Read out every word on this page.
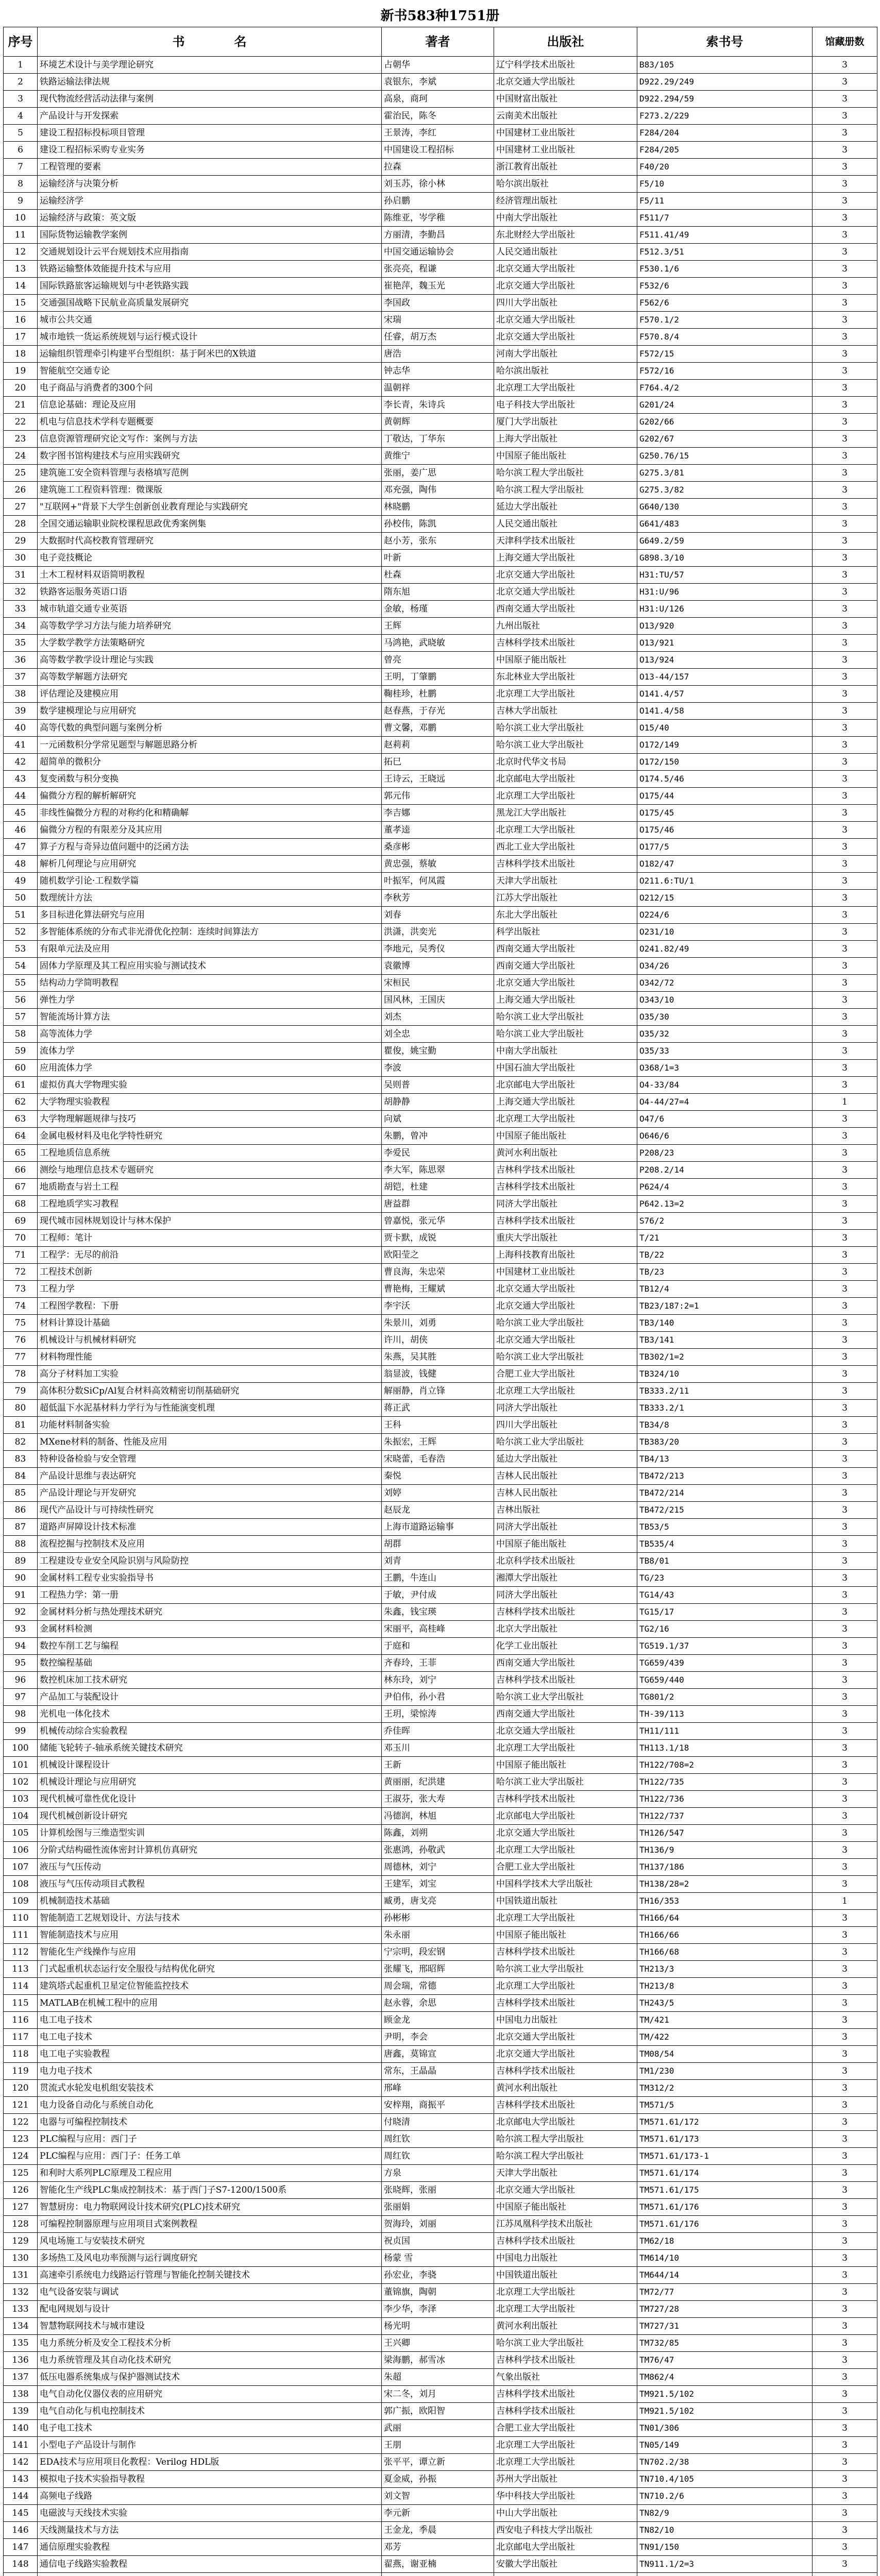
新书583种1751册
序号	书　　　　名	著者	出版社	索书号	馆藏册数
1	环境艺术设计与美学理论研究	占朝华	辽宁科学技术出版社	B83/105	3
2	铁路运输法律法规	袁银东，李斌	北京交通大学出版社	D922.29/249	3
3	现代物流经营活动法律与案例	高泉，商珂	中国财富出版社	D922.294/59	3
4	产品设计与开发探索	霍治民，陈冬	云南美术出版社	F273.2/229	3
5	建设工程招标投标项目管理	王景涛，李红	中国建材工业出版社	F284/204	3
6	建设工程招标采购专业实务	中国建设工程招标	中国建材工业出版社	F284/205	3
7	工程管理的要素	拉森	浙江教育出版社	F40/20	3
8	运输经济与决策分析	刘玉苏，徐小林	哈尔滨出版社	F5/10	3
9	运输经济学	孙启鹏	经济管理出版社	F5/11	3
10	运输经济与政策：英文版	陈维亚，岑学稚	中南大学出版社	F511/7	3
11	国际货物运输教学案例	方丽清，李勤昌	东北财经大学出版社	F511.41/49	3
12	交通规划设计云平台规划技术应用指南	中国交通运输协会	人民交通出版社	F512.3/51	3
13	铁路运输整体效能提升技术与应用	张亮亮，程谦	北京交通大学出版社	F530.1/6	3
14	国际铁路旅客运输规划与中老铁路实践	崔艳萍，魏玉光	北京交通大学出版社	F532/6	3
15	交通强国战略下民航业高质量发展研究	李国政	四川大学出版社	F562/6	3
16	城市公共交通	宋瑞	北京交通大学出版社	F570.1/2	3
17	城市地铁一货运系统规划与运行模式设计	任睿，胡万杰	北京交通大学出版社	F570.8/4	3
18	运输组织管理牵引构建平台型组织：基于阿米巴的X铁道	唐浩	河南大学出版社	F572/15	3
19	智能航空交通专论	钟志华	哈尔滨出版社	F572/16	3
20	电子商品与消费者的300个问	温朝祥	北京理工大学出版社	F764.4/2	3
21	信息论基础：理论及应用	李长青，朱诗兵	电子科技大学出版社	G201/24	3
22	机电与信息技术学科专题概要	黄朝辉	厦门大学出版社	G202/66	3
23	信息资源管理研究论文写作：案例与方法	丁敬达，丁华东	上海大学出版社	G202/67	3
24	数字图书馆构建技术与应用实践研究	黄维宁	中国原子能出版社	G250.76/15	3
25	建筑施工安全资料管理与表格填写范例	张丽，姜广思	哈尔滨工程大学出版社	G275.3/81	3
26	建筑施工工程资料管理：微课版	邓充强，陶伟	哈尔滨工程大学出版社	G275.3/82	3
27	"互联网+"背景下大学生创新创业教育理论与实践研究	林晓鹏	延边大学出版社	G640/130	3
28	全国交通运输职业院校课程思政优秀案例集	孙校伟，陈凯	人民交通出版社	G641/483	3
29	大数据时代高校教育管理研究	赵小芳，张东	天津科学技术出版社	G649.2/59	3
30	电子竞技概论	叶新	上海交通大学出版社	G898.3/10	3
31	土木工程材料双语简明教程	杜森	北京交通大学出版社	H31:TU/57	3
32	铁路客运服务英语口语	隋东旭	北京交通大学出版社	H31:U/96	3
33	城市轨道交通专业英语	金敏，杨瑾	西南交通大学出版社	H31:U/126	3
34	高等数学学习方法与能力培养研究	王辉	九州出版社	O13/920	3
35	大学数学教学方法策略研究	马鸿艳，武晓敏	吉林科学技术出版社	O13/921	3
36	高等数学教学设计理论与实践	曾亮	中国原子能出版社	O13/924	3
37	高等数学解题方法研究	王明，丁肇鹏	东北林业大学出版社	O13-44/157	3
38	评估理论及建模应用	鞠桂珍，杜鹏	北京理工大学出版社	O141.4/57	3
39	数学建模理论与应用研究	赵春燕，于存光	吉林大学出版社	O141.4/58	3
40	高等代数的典型问题与案例分析	曹文馨，邓鹏	哈尔滨工业大学出版社	O15/40	3
41	一元函数积分学常见题型与解题思路分析	赵莉莉	哈尔滨工业大学出版社	O172/149	3
42	超简单的微积分	拓巳	北京时代华文书局	O172/150	3
43	复变函数与积分变换	王诗云，王晓远	北京邮电大学出版社	O174.5/46	3
44	偏微分方程的解析解研究	郭元伟	北京理工大学出版社	O175/44	3
45	非线性偏微分方程的对称约化和精确解	李吉娜	黑龙江大学出版社	O175/45	3
46	偏微分方程的有限差分及其应用	董孝逵	北京理工大学出版社	O175/46	3
47	算子方程与奇异边值问题中的泛函方法	桑彦彬	西北工业大学出版社	O177/5	3
48	解析几何理论与应用研究	黄忠强，蔡敏	吉林科学技术出版社	O182/47	3
49	随机数学引论·工程数学篇	叶振军，何凤霞	天津大学出版社	O211.6:TU/1	3
50	数理统计方法	李秋芳	江苏大学出版社	O212/15	3
51	多目标进化算法研究与应用	刘春	东北大学出版社	O224/6	3
52	多智能体系统的分布式非光滑优化控制：连续时间算法方	洪潇，洪奕光	科学出版社	O231/10	3
53	有限单元法及应用	李地元，吴秀仪	西南交通大学出版社	O241.82/49	3
54	固体力学原理及其工程应用实验与测试技术	袁徽博	西南交通大学出版社	O34/26	3
55	结构动力学简明教程	宋桓民	北京交通大学出版社	O342/72	3
56	弹性力学	国风林，王国庆	上海交通大学出版社	O343/10	3
57	智能流场计算方法	刘杰	哈尔滨工业大学出版社	O35/30	3
58	高等流体力学	刘全忠	哈尔滨工业大学出版社	O35/32	3
59	流体力学	瞿俊，姚宝勤	中南大学出版社	O35/33	3
60	应用流体力学	李波	中国石油大学出版社	O368/1=3	3
61	虚拟仿真大学物理实验	吴则普	北京邮电大学出版社	O4-33/84	3
62	大学物理实验教程	胡静静	上海交通大学出版社	O4-44/27=4	1
63	大学物理解题规律与技巧	向斌	北京理工大学出版社	O47/6	3
64	金属电极材料及电化学特性研究	朱鹏，曾冲	中国原子能出版社	O646/6	3
65	工程地质信息系统	李爱民	黄河水利出版社	P208/23	3
66	测绘与地理信息技术专题研究	李大军，陈思翠	吉林科学技术出版社	P208.2/14	3
67	地质勘查与岩土工程	胡铠，杜建	吉林科学技术出版社	P624/4	3
68	工程地质学实习教程	唐益群	同济大学出版社	P642.13=2	3
69	现代城市园林规划设计与林木保护	曾嘉悦，张元华	吉林科学技术出版社	S76/2	3
70	工程师：笔计	贾卡默，成锐	重庆大学出版社	T/21	3
71	工程学：无尽的前沿	欧阳莹之	上海科技教育出版社	TB/22	3
72	工程技术创新	曹良海，朱忠荣	中国建材工业出版社	TB/23	3
73	工程力学	曹艳梅，王耀斌	北京交通大学出版社	TB12/4	3
74	工程图学教程：下册	李宇沃	北京交通大学出版社	TB23/187:2=1	3
75	材料计算设计基础	朱景川，刘勇	哈尔滨工业大学出版社	TB3/140	3
76	机械设计与机械材料研究	许川，胡侠	北京交通大学出版社	TB3/141	3
77	材料物理性能	朱燕，吴其胜	哈尔滨工业大学出版社	TB302/1=2	3
78	高分子材料加工实验	翁显波，钱健	合肥工业大学出版社	TB324/10	3
79	高体积分数SiCp/Al复合材料高效精密切削基础研究	解丽静，肖立锋	北京理工大学出版社	TB333.2/11	3
80	超低温下水泥基材料力学行为与性能演变机理	蒋正武	同济大学出版社	TB333.2/1	3
81	功能材料制备实验	王科	四川大学出版社	TB34/8	3
82	MXene材料的制备、性能及应用	朱振宏，王辉	哈尔滨工业大学出版社	TB383/20	3
83	特种设备检验与安全管理	宋晓蕾，毛春浩	延边大学出版社	TB4/13	3
84	产品设计思维与表达研究	秦悦	吉林人民出版社	TB472/213	3
85	产品设计理论与开发研究	刘婷	吉林人民出版社	TB472/214	3
86	现代产品设计与可持续性研究	赵辰龙	吉林出版社	TB472/215	3
87	道路声屏障设计技术标准	上海市道路运输事	同济大学出版社	TB53/5	3
88	流程挖掘与控制技术及应用	胡群	中国原子能出版社	TB535/4	3
89	工程建设专业安全风险识别与风险防控	刘青	北京科学技术出版社	TB8/01	3
90	金属材料工程专业实验指导书	王鹏，牛连山	湘潭大学出版社	TG/23	3
91	工程热力学：第一册	于敏，尹付成	同济大学出版社	TG14/43	3
92	金属材料分析与热处理技术研究	朱鑫，钱宝瑛	吉林科学技术出版社	TG15/17	3
93	金属材料检测	宋丽平，高桂峰	北京大学出版社	TG2/16	3
94	数控车削工艺与编程	于庭和	化学工业出版社	TG519.1/37	3
95	数控编程基础	齐春玲，王菲	西南交通大学出版社	TG659/439	3
96	数控机床加工技术研究	林东玲，刘宁	吉林科学技术出版社	TG659/440	3
97	产品加工与装配设计	尹伯伟，孙小君	哈尔滨工业大学出版社	TG801/2	3
98	光机电一体化技术	王玥，梁惊涛	西南交通大学出版社	TH-39/113	3
99	机械传动综合实验教程	乔佳晖	北京交通大学出版社	TH11/111	3
100	储能飞轮转子-轴承系统关键技术研究	邓玉川	北京理工大学出版社	TH113.1/18	3
101	机械设计课程设计	王新	中国原子能出版社	TH122/708=2	3
102	机械设计理论与应用研究	黄丽丽，纪洪建	哈尔滨工业大学出版社	TH122/735	3
103	现代机械可靠性优化设计	王淑芬，张大寿	吉林科学技术出版社	TH122/736	3
104	现代机械创新设计研究	冯德润，林旭	北京邮电大学出版社	TH122/737	3
105	计算机绘图与三维造型实训	陈鑫，刘朔	北京交通大学出版社	TH126/547	3
106	分阶式结构磁性流体密封计算机仿真研究	张惠鸿，孙敬武	北京理工大学出版社	TH136/9	3
107	液压与气压传动	周德林，刘宁	合肥工业大学出版社	TH137/186	3
108	液压与气压传动项目式教程	王建军，刘宝	中国科学技术大学出版社	TH138/28=2	3
109	机械制造技术基础	臧勇，唐戈亮	中国铁道出版社	TH16/353	1
110	智能制造工艺规划设计、方法与技术	孙彬彬	北京理工大学出版社	TH166/64	3
111	智能制造技术与应用	朱永丽	中国原子能出版社	TH166/66	3
112	智能化生产线操作与应用	宁宗明，段宏钢	吉林科学技术出版社	TH166/68	3
113	门式起重机状态运行安全服役与结构优化研究	张耀飞，邢昭辉	哈尔滨工业大学出版社	TH213/3	3
114	建筑塔式起重机卫星定位智能监控技术	周会瑞，常德	北京理工大学出版社	TH213/8	3
115	MATLAB在机械工程中的应用	赵永蓉，余思	吉林科学技术出版社	TH243/5	3
116	电工电子技术	顾金龙	中国电力出版社	TM/421	3
117	电工电子技术	尹明，李会	北京交通大学出版社	TM/422	3
118	电工电子实验教程	唐鑫，莫锦宣	北京交通大学出版社	TM08/54	3
119	电力电子技术	常东，王晶晶	吉林科学技术出版社	TM1/230	3
120	贯流式水轮发电机组安装技术	邢峰	黄河水利出版社	TM312/2	3
121	电力设备自动化与系统自动化	安梓翔，商振平	吉林科学技术出版社	TM571/5	3
122	电器与可编程控制技术	付晓清	北京邮电大学出版社	TM571.61/172	3
123	PLC编程与应用：西门子	周红钦	哈尔滨工程大学出版社	TM571.61/173	3
124	PLC编程与应用：西门子：任务工单	周红钦	哈尔滨工程大学出版社	TM571.61/173-1	3
125	和利时大系列PLC原理及工程应用	方泉	天津大学出版社	TM571.61/174	3
126	智能化生产线PLC集成控制技术：基于西门子S7-1200/1500系	张晓辉，张丽	北京交通大学出版社	TM571.61/175	3
127	智慧厨房：电力物联网设计技术研究(PLC)技术研究	张丽娟	中国原子能出版社	TM571.61/176	3
128	可编程控制器原理与应用项目式案例教程	贺海玲，刘丽	江苏凤凰科学技术出版社	TM571.61/176	3
129	风电场施工与安装技术研究	祝贞国	吉林科学技术出版社	TM62/18	3
130	多场热工及风电功率预测与运行调度研究	杨蒙 雪	中国电力出版社	TM614/10	3
131	高速牵引系统电力线路运行管理与智能化控制关键技术	孙宏业，李骁	中国铁道出版社	TM644/14	3
132	电气设备安装与调试	董锦旗，陶朝	北京理工大学出版社	TM72/77	3
133	配电网规划与设计	李少华，李泽	北京理工大学出版社	TM727/28	3
134	智慧物联网技术与城市建设	杨光明	黄河水利出版社	TM727/31	3
135	电力系统分析及安全工程技术分析	王兴卿	哈尔滨工业大学出版社	TM732/85	3
136	电力系统管理及其自动化技术研究	梁海鹏，郝雪冰	吉林科学技术出版社	TM76/47	3
137	低压电器系统集成与保护器测试技术	朱超	气象出版社	TM862/4	3
138	电气自动化仪器仪表的应用研究	宋二冬，刘月	吉林科学技术出版社	TM921.5/102	3
139	电气自动化与机电控制技术	郭广振，欧阳智	吉林科学技术出版社	TM921.5/102	3
140	电子电工技术	武丽	合肥工业大学出版社	TN01/306	3
141	小型电子产品设计与制作	王朋	北京理工大学出版社	TN05/149	3
142	EDA技术与应用项目化教程：Verilog HDL版	张平平，谭立新	北京理工大学出版社	TN702.2/38	3
143	模拟电子技术实验指导教程	夏金威，孙振	苏州大学出版社	TN710.4/105	3
144	高频电子线路	刘文智	华中科技大学出版社	TN710.2/6	3
145	电磁波与天线技术实验	李元新	中山大学出版社	TN82/9	3
146	天线测量技术与方法	王金龙，季晨	西安电子科技大学出版社	TN82/10	3
147	通信原理实验教程	邓芳	北京邮电大学出版社	TN91/150	3
148	通信电子线路实验教程	翟燕，谢亚楠	安徽大学出版社	TN911.1/2=3	3
